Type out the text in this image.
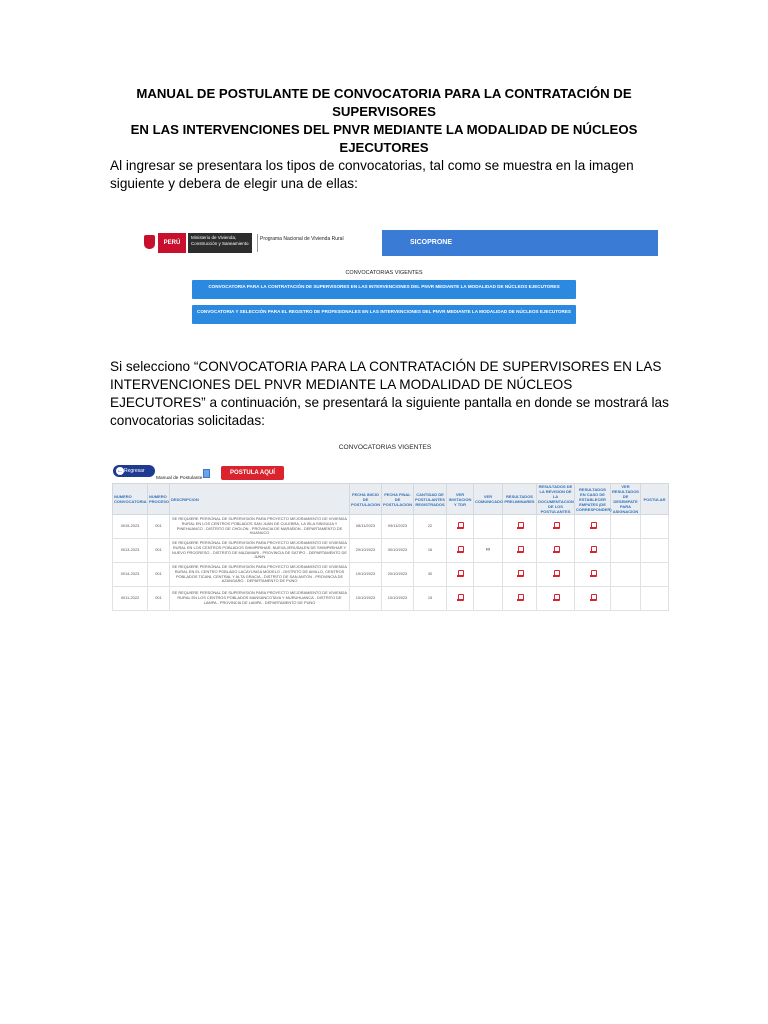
MANUAL DE POSTULANTE DE CONVOCATORIA PARA LA CONTRATACIÓN DE SUPERVISORES
EN LAS INTERVENCIONES DEL PNVR MEDIANTE LA MODALIDAD DE NÚCLEOS EJECUTORES
Al ingresar se presentara los tipos de convocatorias, tal como se muestra en la imagen siguiente y debera de elegir una de ellas:
PERÚ
Ministerio de Vivienda, Construcción y Saneamiento
Programa Nacional de Vivienda Rural	SICOPRONE
CONVOCATORIAS VIGENTES
CONVOCATORIA PARA LA CONTRATACIÓN DE SUPERVISORES EN LAS INTERVENCIONES DEL PNVR MEDIANTE LA MODALIDAD DE NÚCLEOS EJECUTORES
CONVOCATORIA Y SELECCIÓN PARA EL REGISTRO DE PROFESIONALES EN LAS INTERVENCIONES DEL PNVR MEDIANTE LA MODALIDAD DE NÚCLEOS EJECUTORES
Si selecciono “CONVOCATORIA PARA LA CONTRATACIÓN DE SUPERVISORES EN LAS INTERVENCIONES DEL PNVR MEDIANTE LA MODALIDAD DE NÚCLEOS EJECUTORES” a continuación, se presentará la siguiente pantalla en donde se mostrará las convocatorias solicitadas:
CONVOCATORIAS VIGENTES
← Regresar
Manual de Postulante
POSTULA AQUÍ
NUMERO CONVOCATORIA	NUMERO PROCESO	DESCRIPCION	FECHA INICIO DE POSTULACION	FECHA FINAL DE POSTULACION	CANTIDAD DE POSTULANTES REGISTRADOS	VER INVITACION Y TDR	VER COMUNICADO	RESULTADOS PRELIMINARES	RESULTADOS DE LA REVISION DE LA DOCUMENTACION DE LOS POSTULANTES	RESULTADOS EN CASO DE ESTABLECER EMPATES (DE CORRESPONDER)	VER RESULTADOS DE DESEMPATE PARA ASIGNACION	POSTULAR
0015-2023	001	SE REQUIERE PERSONAL DE SUPERVISION PARA PROYECTO MEJORAMIENTO DE VIVIENDA RURAL EN LOS CENTROS POBLADOS SAN JUAN DE CULEBRA, LA ISLA SINGUIJA Y PINEHUANCO - DISTRITO DE CHOLON - PROVINCIA DE MARAÑON - DEPARTAMENTO DE HUANUCO	08/11/2023	09/11/2023	22							
0013-2023	001	SE REQUIERE PERSONAL DE SUPERVISION PARA PROYECTO MEJORAMIENTO DE VIVIENDA RURAL EN LOS CENTROS POBLADOS SHIMPIRIHAR, NUEVA JERUSALEN DE SHIMPIRIHAR Y NUEVO PROGRESO - DISTRITO DE MAZAMARI - PROVINCIA DE SATIPO - DEPARTAMENTO DE JUNIN	29/10/2023	30/10/2023	16		∞					
0014-2023	001	SE REQUIERE PERSONAL DE SUPERVISION PARA PROYECTO MEJORAMIENTO DE VIVIENDA RURAL EN EL CENTRO POBLADO LACAYUNGA MODELO - DISTRITO DE AMILLO, CENTROS POBLADOS TICANI, CENTRAL Y ALTA GRACIA - DISTRITO DE SAN ANTON - PROVINCIA DE AZANGARO - DEPARTAMENTO DE PUNO	19/10/2023	20/10/2023	30							
0011-2022	001	SE REQUIERE PERSONAL DE SUPERVISION PARA PROYECTO MEJORAMIENTO DE VIVIENDA RURAL EN LOS CENTROS POBLADOS MANSANCOTAYA Y MURUHUANCA - DISTRITO DE LAMPA - PROVINCIA DE LAMPA - DEPARTAMENTO DE PUNO	10/10/2023	10/10/2023	15							
